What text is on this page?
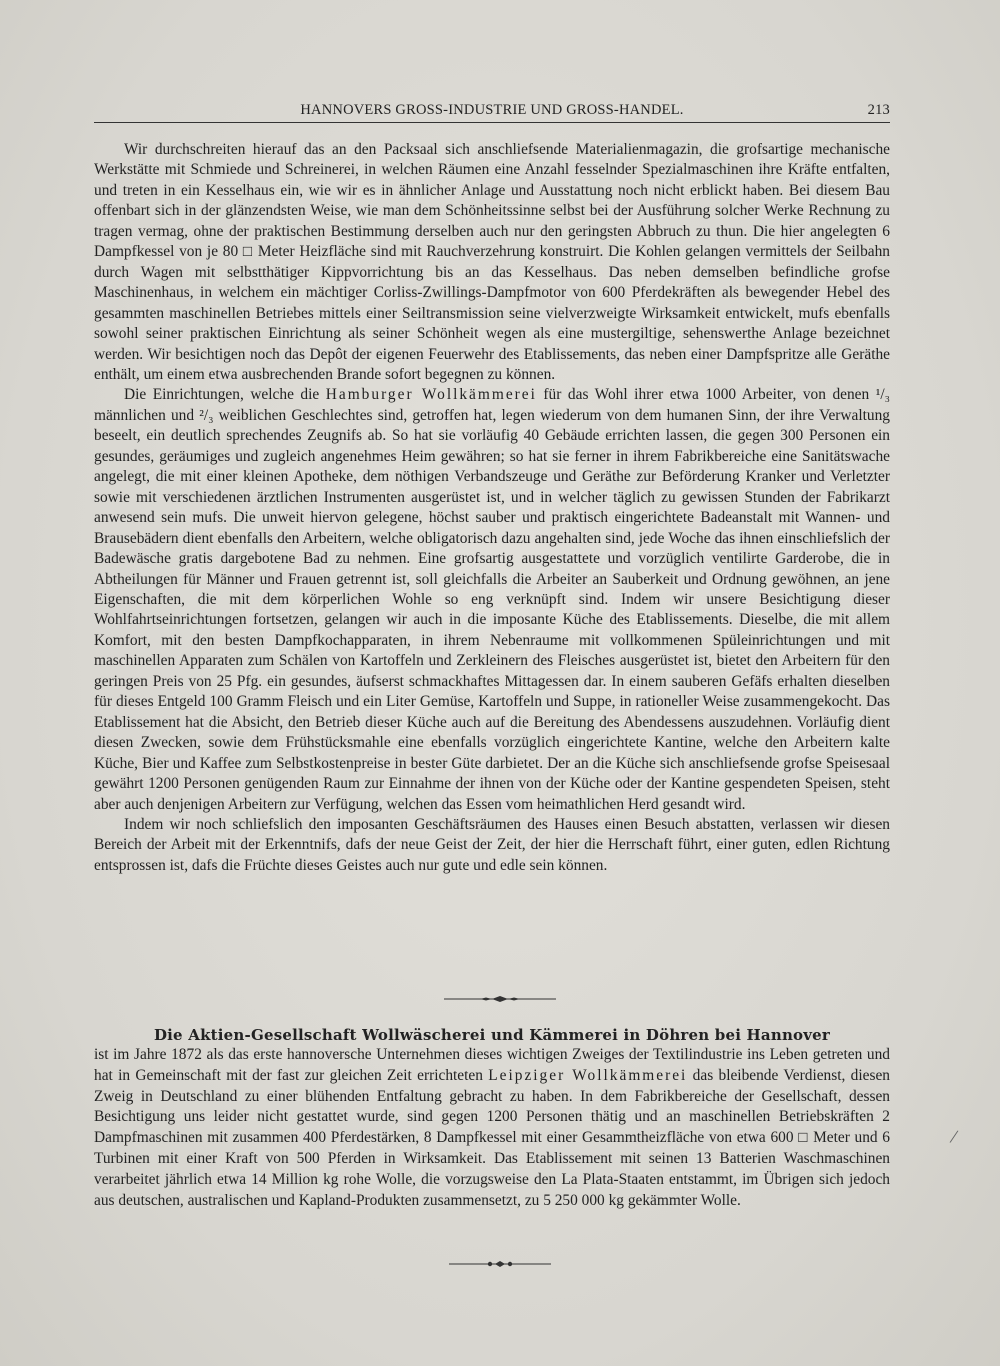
HANNOVERS GROSS-INDUSTRIE UND GROSS-HANDEL.	213

Wir durchschreiten hierauf das an den Packsaal sich anschliefsende Materialienmagazin, die grofsartige mechanische Werkstätte mit Schmiede und Schreinerei, in welchen Räumen eine Anzahl fesselnder Spezialmaschinen ihre Kräfte entfalten, und treten in ein Kesselhaus ein, wie wir es in ähnlicher Anlage und Ausstattung noch nicht erblickt haben. Bei diesem Bau offenbart sich in der glänzendsten Weise, wie man dem Schönheitssinne selbst bei der Ausführung solcher Werke Rechnung zu tragen vermag, ohne der praktischen Bestimmung derselben auch nur den geringsten Abbruch zu thun. Die hier angelegten 6 Dampfkessel von je 80 □ Meter Heizfläche sind mit Rauchverzehrung konstruirt. Die Kohlen gelangen vermittels der Seilbahn durch Wagen mit selbstthätiger Kippvorrichtung bis an das Kesselhaus. Das neben demselben befindliche grofse Maschinenhaus, in welchem ein mächtiger Corliss-Zwillings-Dampfmotor von 600 Pferdekräften als bewegender Hebel des gesammten maschinellen Betriebes mittels einer Seiltransmission seine vielverzweigte Wirksamkeit entwickelt, mufs ebenfalls sowohl seiner praktischen Einrichtung als seiner Schönheit wegen als eine mustergiltige, sehenswerthe Anlage bezeichnet werden. Wir besichtigen noch das Depôt der eigenen Feuerwehr des Etablissements, das neben einer Dampfspritze alle Geräthe enthält, um einem etwa ausbrechenden Brande sofort begegnen zu können.

Die Einrichtungen, welche die Hamburger Wollkämmerei für das Wohl ihrer etwa 1000 Arbeiter, von denen ¹/₃ männlichen und ²/₃ weiblichen Geschlechtes sind, getroffen hat, legen wiederum von dem humanen Sinn, der ihre Verwaltung beseelt, ein deutlich sprechendes Zeugnifs ab. So hat sie vorläufig 40 Gebäude errichten lassen, die gegen 300 Personen ein gesundes, geräumiges und zugleich angenehmes Heim gewähren; so hat sie ferner in ihrem Fabrikbereiche eine Sanitätswache angelegt, die mit einer kleinen Apotheke, dem nöthigen Verbandszeuge und Geräthe zur Beförderung Kranker und Verletzter sowie mit verschiedenen ärztlichen Instrumenten ausgerüstet ist, und in welcher täglich zu gewissen Stunden der Fabrikarzt anwesend sein mufs. Die unweit hiervon gelegene, höchst sauber und praktisch eingerichtete Badeanstalt mit Wannen- und Brausebädern dient ebenfalls den Arbeitern, welche obligatorisch dazu angehalten sind, jede Woche das ihnen einschliefslich der Badewäsche gratis dargebotene Bad zu nehmen. Eine grofsartig ausgestattete und vorzüglich ventilirte Garderobe, die in Abtheilungen für Männer und Frauen getrennt ist, soll gleichfalls die Arbeiter an Sauberkeit und Ordnung gewöhnen, an jene Eigenschaften, die mit dem körperlichen Wohle so eng verknüpft sind. Indem wir unsere Besichtigung dieser Wohlfahrtseinrichtungen fortsetzen, gelangen wir auch in die imposante Küche des Etablissements. Dieselbe, die mit allem Komfort, mit den besten Dampfkochapparaten, in ihrem Nebenraume mit vollkommenen Spüleinrichtungen und mit maschinellen Apparaten zum Schälen von Kartoffeln und Zerkleinern des Fleisches ausgerüstet ist, bietet den Arbeitern für den geringen Preis von 25 Pfg. ein gesundes, äufserst schmackhaftes Mittagessen dar. In einem sauberen Gefäfs erhalten dieselben für dieses Entgeld 100 Gramm Fleisch und ein Liter Gemüse, Kartoffeln und Suppe, in rationeller Weise zusammengekocht. Das Etablissement hat die Absicht, den Betrieb dieser Küche auch auf die Bereitung des Abendessens auszudehnen. Vorläufig dient diesen Zwecken, sowie dem Frühstücksmahle eine ebenfalls vorzüglich eingerichtete Kantine, welche den Arbeitern kalte Küche, Bier und Kaffee zum Selbstkostenpreise in bester Güte darbietet. Der an die Küche sich anschliefsende grofse Speisesaal gewährt 1200 Personen genügenden Raum zur Einnahme der ihnen von der Küche oder der Kantine gespendeten Speisen, steht aber auch denjenigen Arbeitern zur Verfügung, welchen das Essen vom heimathlichen Herd gesandt wird.

Indem wir noch schliefslich den imposanten Geschäftsräumen des Hauses einen Besuch abstatten, verlassen wir diesen Bereich der Arbeit mit der Erkenntnifs, dafs der neue Geist der Zeit, der hier die Herrschaft führt, einer guten, edlen Richtung entsprossen ist, dafs die Früchte dieses Geistes auch nur gute und edle sein können.

Die Aktien-Gesellschaft Wollwäscherei und Kämmerei in Döhren bei Hannover

ist im Jahre 1872 als das erste hannoversche Unternehmen dieses wichtigen Zweiges der Textilindustrie ins Leben getreten und hat in Gemeinschaft mit der fast zur gleichen Zeit errichteten Leipziger Wollkämmerei das bleibende Verdienst, diesen Zweig in Deutschland zu einer blühenden Entfaltung gebracht zu haben. In dem Fabrikbereiche der Gesellschaft, dessen Besichtigung uns leider nicht gestattet wurde, sind gegen 1200 Personen thätig und an maschinellen Betriebskräften 2 Dampfmaschinen mit zusammen 400 Pferdestärken, 8 Dampfkessel mit einer Gesammtheizfläche von etwa 600 □ Meter und 6 Turbinen mit einer Kraft von 500 Pferden in Wirksamkeit. Das Etablissement mit seinen 13 Batterien Waschmaschinen verarbeitet jährlich etwa 14 Million kg rohe Wolle, die vorzugsweise den La Plata-Staaten entstammt, im Übrigen sich jedoch aus deutschen, australischen und Kapland-Produkten zusammensetzt, zu 5 250 000 kg gekämmter Wolle.

/
